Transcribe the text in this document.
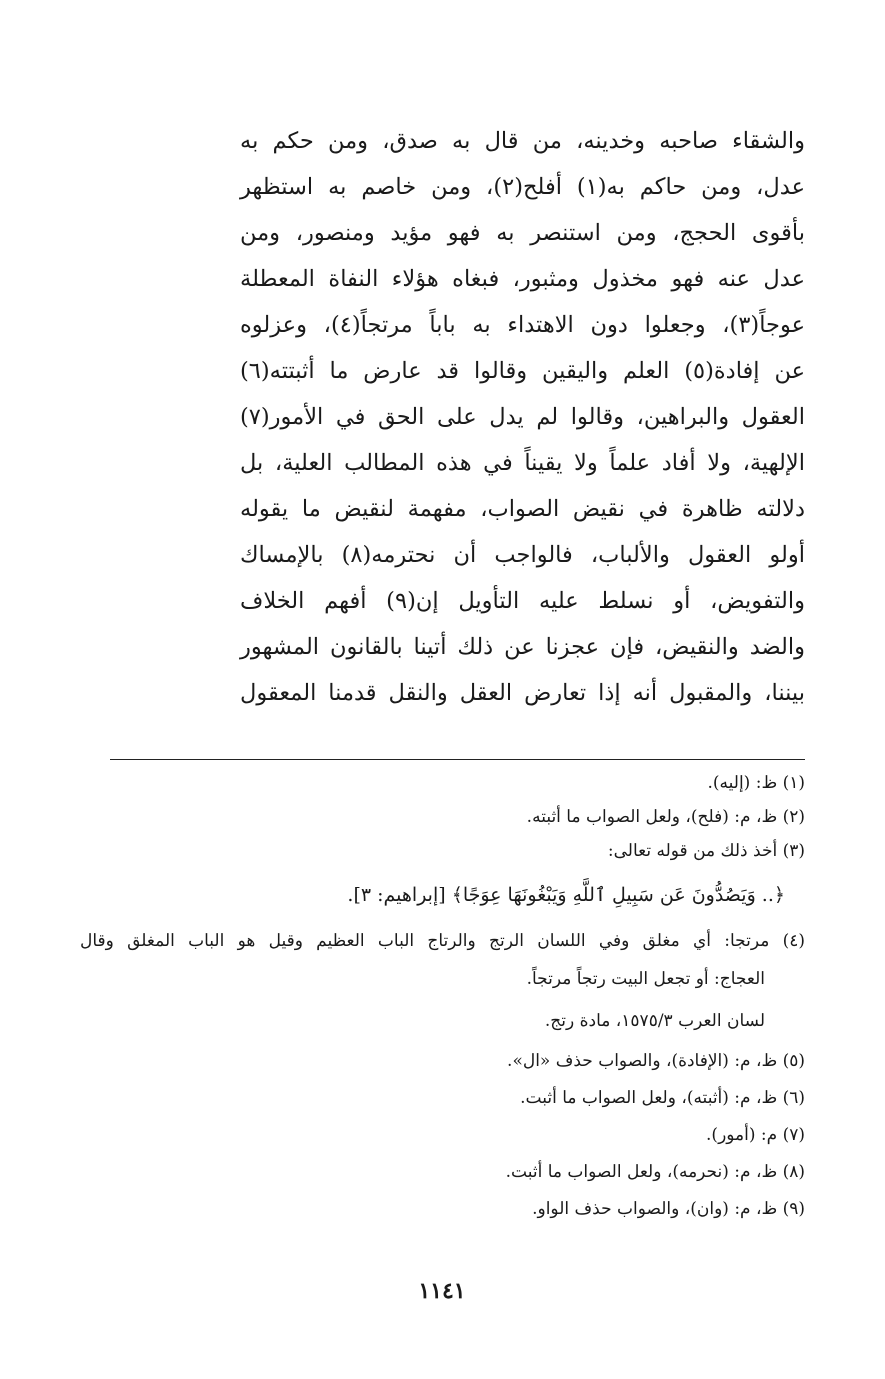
والشقاء صاحبه وخدينه، من قال به صدق، ومن حكم به
عدل، ومن حاكم به(١) أفلح(٢)، ومن خاصم به استظهر
بأقوى الحجج، ومن استنصر به فهو مؤيد ومنصور، ومن
عدل عنه فهو مخذول ومثبور، فبغاه هؤلاء النفاة المعطلة
عوجاً(٣)، وجعلوا دون الاهتداء به باباً مرتجاً(٤)، وعزلوه
عن إفادة(٥) العلم واليقين وقالوا قد عارض ما أثبتته(٦)
العقول والبراهين، وقالوا لم يدل على الحق في الأمور(٧)
الإلهية، ولا أفاد علماً ولا يقيناً في هذه المطالب العلية، بل
دلالته ظاهرة في نقيض الصواب، مفهمة لنقيض ما يقوله
أولو العقول والألباب، فالواجب أن نحترمه(٨) بالإمساك
والتفويض، أو نسلط عليه التأويل إن(٩) أفهم الخلاف
والضد والنقيض، فإن عجزنا عن ذلك أتينا بالقانون المشهور
بيننا، والمقبول أنه إذا تعارض العقل والنقل قدمنا المعقول
(١) ظ: (إليه).
(٢) ظ، م: (فلح)، ولعل الصواب ما أثبته.
(٣) أخذ ذلك من قوله تعالى:
﴿.. وَيَصُدُّونَ عَن سَبِيلِ ٱللَّهِ وَيَبْغُونَهَا عِوَجًا﴾ [إبراهيم: ٣].
(٤) مرتجا: أي مغلق وفي اللسان الرتج والرتاج الباب العظيم وقيل هو الباب المغلق وقال
العجاج: أو تجعل البيت رتجاً مرتجاً.
لسان العرب ١٥٧٥/٣، مادة رتج.
(٥) ظ، م: (الإفادة)، والصواب حذف «ال».
(٦) ظ، م: (أثبته)، ولعل الصواب ما أثبت.
(٧) م: (أمور).
(٨) ظ، م: (نحرمه)، ولعل الصواب ما أثبت.
(٩) ظ، م: (وان)، والصواب حذف الواو.
١١٤١
